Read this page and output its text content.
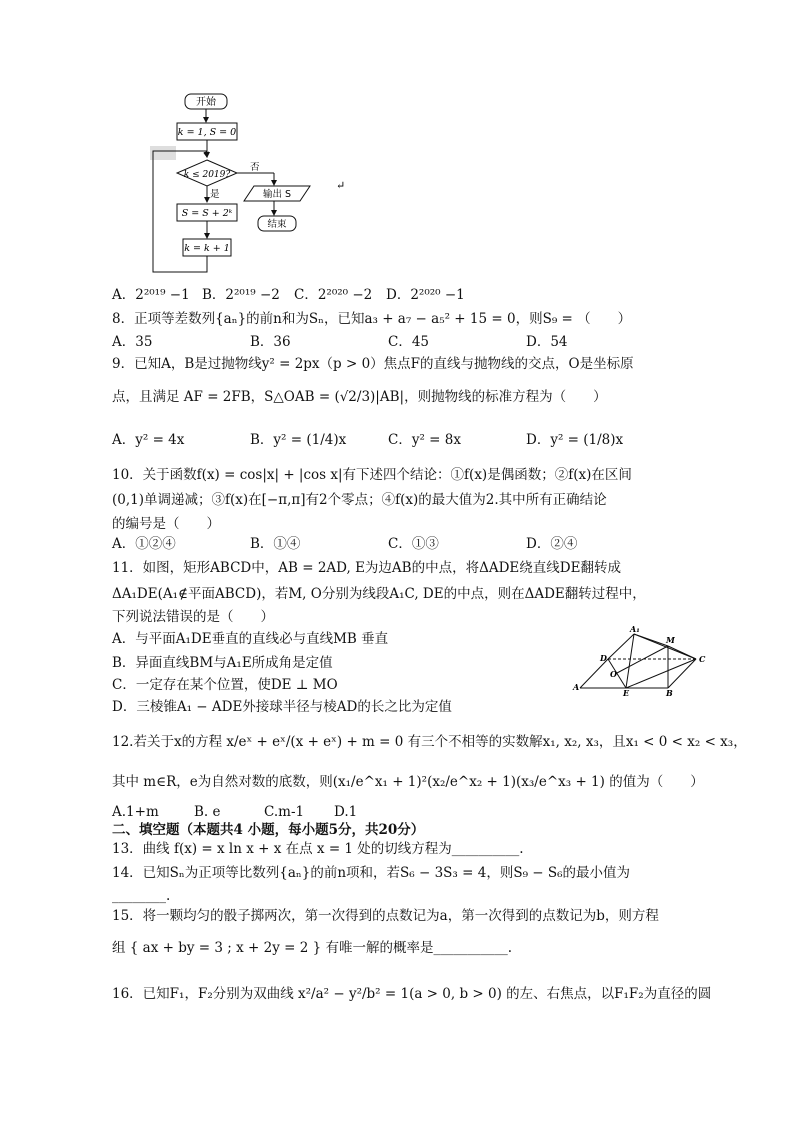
开始
k = 1, S = 0
k ≤ 2019?
否
输出 S
结束
↵
是
S = S + 2ᵏ
k = k + 1
A．2²⁰¹⁹ −1 B．2²⁰¹⁹ −2	C．2²⁰²⁰ −2	D．2²⁰²⁰ −1
8．正项等差数列{aₙ}的前n和为Sₙ，已知a₃ + a₇ − a₅² + 15 = 0，则S₉ = （　　）
A．35	B．36	C．45	D．54
9．已知A，B是过抛物线y² = 2px（p > 0）焦点F的直线与抛物线的交点，O是坐标原
点，且满足 AF = 2FB，S△OAB = (√2/3)|AB|，则抛物线的标准方程为（　　）
A．y² = 4x	B．y² = (1/4)x	C．y² = 8x	D．y² = (1/8)x
10．关于函数f(x) = cos|x| + |cos x|有下述四个结论：①f(x)是偶函数；②f(x)在区间
(0,1)单调递减；③f(x)在[−π,π]有2个零点；④f(x)的最大值为2.其中所有正确结论
的编号是（　　）
A．①②④	B．①④	C．①③	D．②④
11．如图，矩形ABCD中，AB = 2AD, E为边AB的中点，将ΔADE绕直线DE翻转成
ΔA₁DE(A₁∉平面ABCD)，若M, O分别为线段A₁C, DE的中点，则在ΔADE翻转过程中，
下列说法错误的是（　　）
A．与平面A₁DE垂直的直线必与直线MB 垂直
B．异面直线BM与A₁E所成角是定值
C．一定存在某个位置，使DE ⊥ MO
D．三棱锥A₁ − ADE外接球半径与棱AD的长之比为定值
A₁
M
D	C
O
A
E	B
12.若关于x的方程 x/eˣ + eˣ/(x + eˣ) + m = 0 有三个不相等的实数解x₁, x₂, x₃，且x₁ < 0 < x₂ < x₃，
其中 m∈R，e为自然对数的底数，则(x₁/e^x₁ + 1)²(x₂/e^x₂ + 1)(x₃/e^x₃ + 1) 的值为（　　）
A.1+m	B. e	C.m-1	D.1
二、填空题（本题共4 小题，每小题5分，共20分）
13．曲线 f(x) = x ln x + x 在点 x = 1 处的切线方程为__________.
14．已知Sₙ为正项等比数列{aₙ}的前n项和，若S₆ − 3S₃ = 4，则S₉ − S₆的最小值为
________.
15．将一颗均匀的骰子掷两次，第一次得到的点数记为a，第一次得到的点数记为b，则方程
组 { ax + by = 3 ; x + 2y = 2 } 有唯一解的概率是___________.
16．已知F₁，F₂分别为双曲线 x²/a² − y²/b² = 1(a > 0, b > 0) 的左、右焦点，以F₁F₂为直径的圆
